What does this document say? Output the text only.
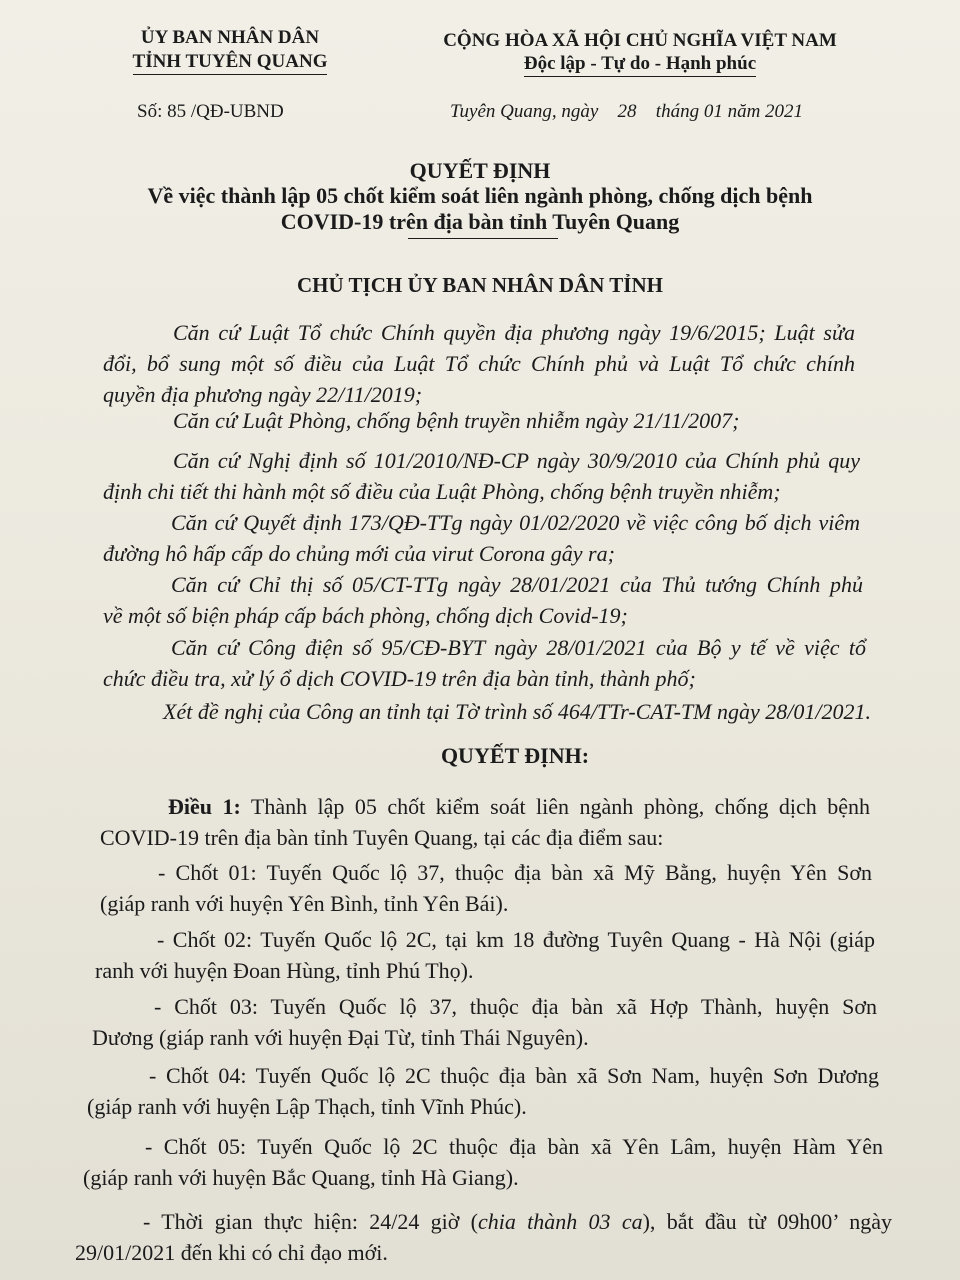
ỦY BAN NHÂN DÂN
TỈNH TUYÊN QUANG
CỘNG HÒA XÃ HỘI CHỦ NGHĨA VIỆT NAM
Độc lập - Tự do - Hạnh phúc
Số: 85 /QĐ-UBND	Tuyên Quang, ngày 28 tháng 01 năm 2021
QUYẾT ĐỊNH
Về việc thành lập 05 chốt kiểm soát liên ngành phòng, chống dịch bệnh
COVID-19 trên địa bàn tỉnh Tuyên Quang
CHỦ TỊCH ỦY BAN NHÂN DÂN TỈNH
Căn cứ Luật Tổ chức Chính quyền địa phương ngày 19/6/2015; Luật sửa
đổi, bổ sung một số điều của Luật Tổ chức Chính phủ và Luật Tổ chức chính
quyền địa phương ngày 22/11/2019;
Căn cứ Luật Phòng, chống bệnh truyền nhiễm ngày 21/11/2007;
Căn cứ Nghị định số 101/2010/NĐ-CP ngày 30/9/2010 của Chính phủ quy
định chi tiết thi hành một số điều của Luật Phòng, chống bệnh truyền nhiễm;
Căn cứ Quyết định 173/QĐ-TTg ngày 01/02/2020 về việc công bố dịch viêm
đường hô hấp cấp do chủng mới của virut Corona gây ra;
Căn cứ Chỉ thị số 05/CT-TTg ngày 28/01/2021 của Thủ tướng Chính phủ
về một số biện pháp cấp bách phòng, chống dịch Covid-19;
Căn cứ Công điện số 95/CĐ-BYT ngày 28/01/2021 của Bộ y tế về việc tổ
chức điều tra, xử lý ổ dịch COVID-19 trên địa bàn tỉnh, thành phố;
Xét đề nghị của Công an tỉnh tại Tờ trình số 464/TTr-CAT-TM ngày 28/01/2021.
QUYẾT ĐỊNH:
Điều 1: Thành lập 05 chốt kiểm soát liên ngành phòng, chống dịch bệnh
COVID-19 trên địa bàn tỉnh Tuyên Quang, tại các địa điểm sau:
- Chốt 01: Tuyến Quốc lộ 37, thuộc địa bàn xã Mỹ Bằng, huyện Yên Sơn
(giáp ranh với huyện Yên Bình, tỉnh Yên Bái).
- Chốt 02: Tuyến Quốc lộ 2C, tại km 18 đường Tuyên Quang - Hà Nội (giáp
ranh với huyện Đoan Hùng, tỉnh Phú Thọ).
- Chốt 03: Tuyến Quốc lộ 37, thuộc địa bàn xã Hợp Thành, huyện Sơn
Dương (giáp ranh với huyện Đại Từ, tỉnh Thái Nguyên).
- Chốt 04: Tuyến Quốc lộ 2C thuộc địa bàn xã Sơn Nam, huyện Sơn Dương
(giáp ranh với huyện Lập Thạch, tỉnh Vĩnh Phúc).
- Chốt 05: Tuyến Quốc lộ 2C thuộc địa bàn xã Yên Lâm, huyện Hàm Yên
(giáp ranh với huyện Bắc Quang, tỉnh Hà Giang).
- Thời gian thực hiện: 24/24 giờ (chia thành 03 ca), bắt đầu từ 09h00’ ngày
29/01/2021 đến khi có chỉ đạo mới.
